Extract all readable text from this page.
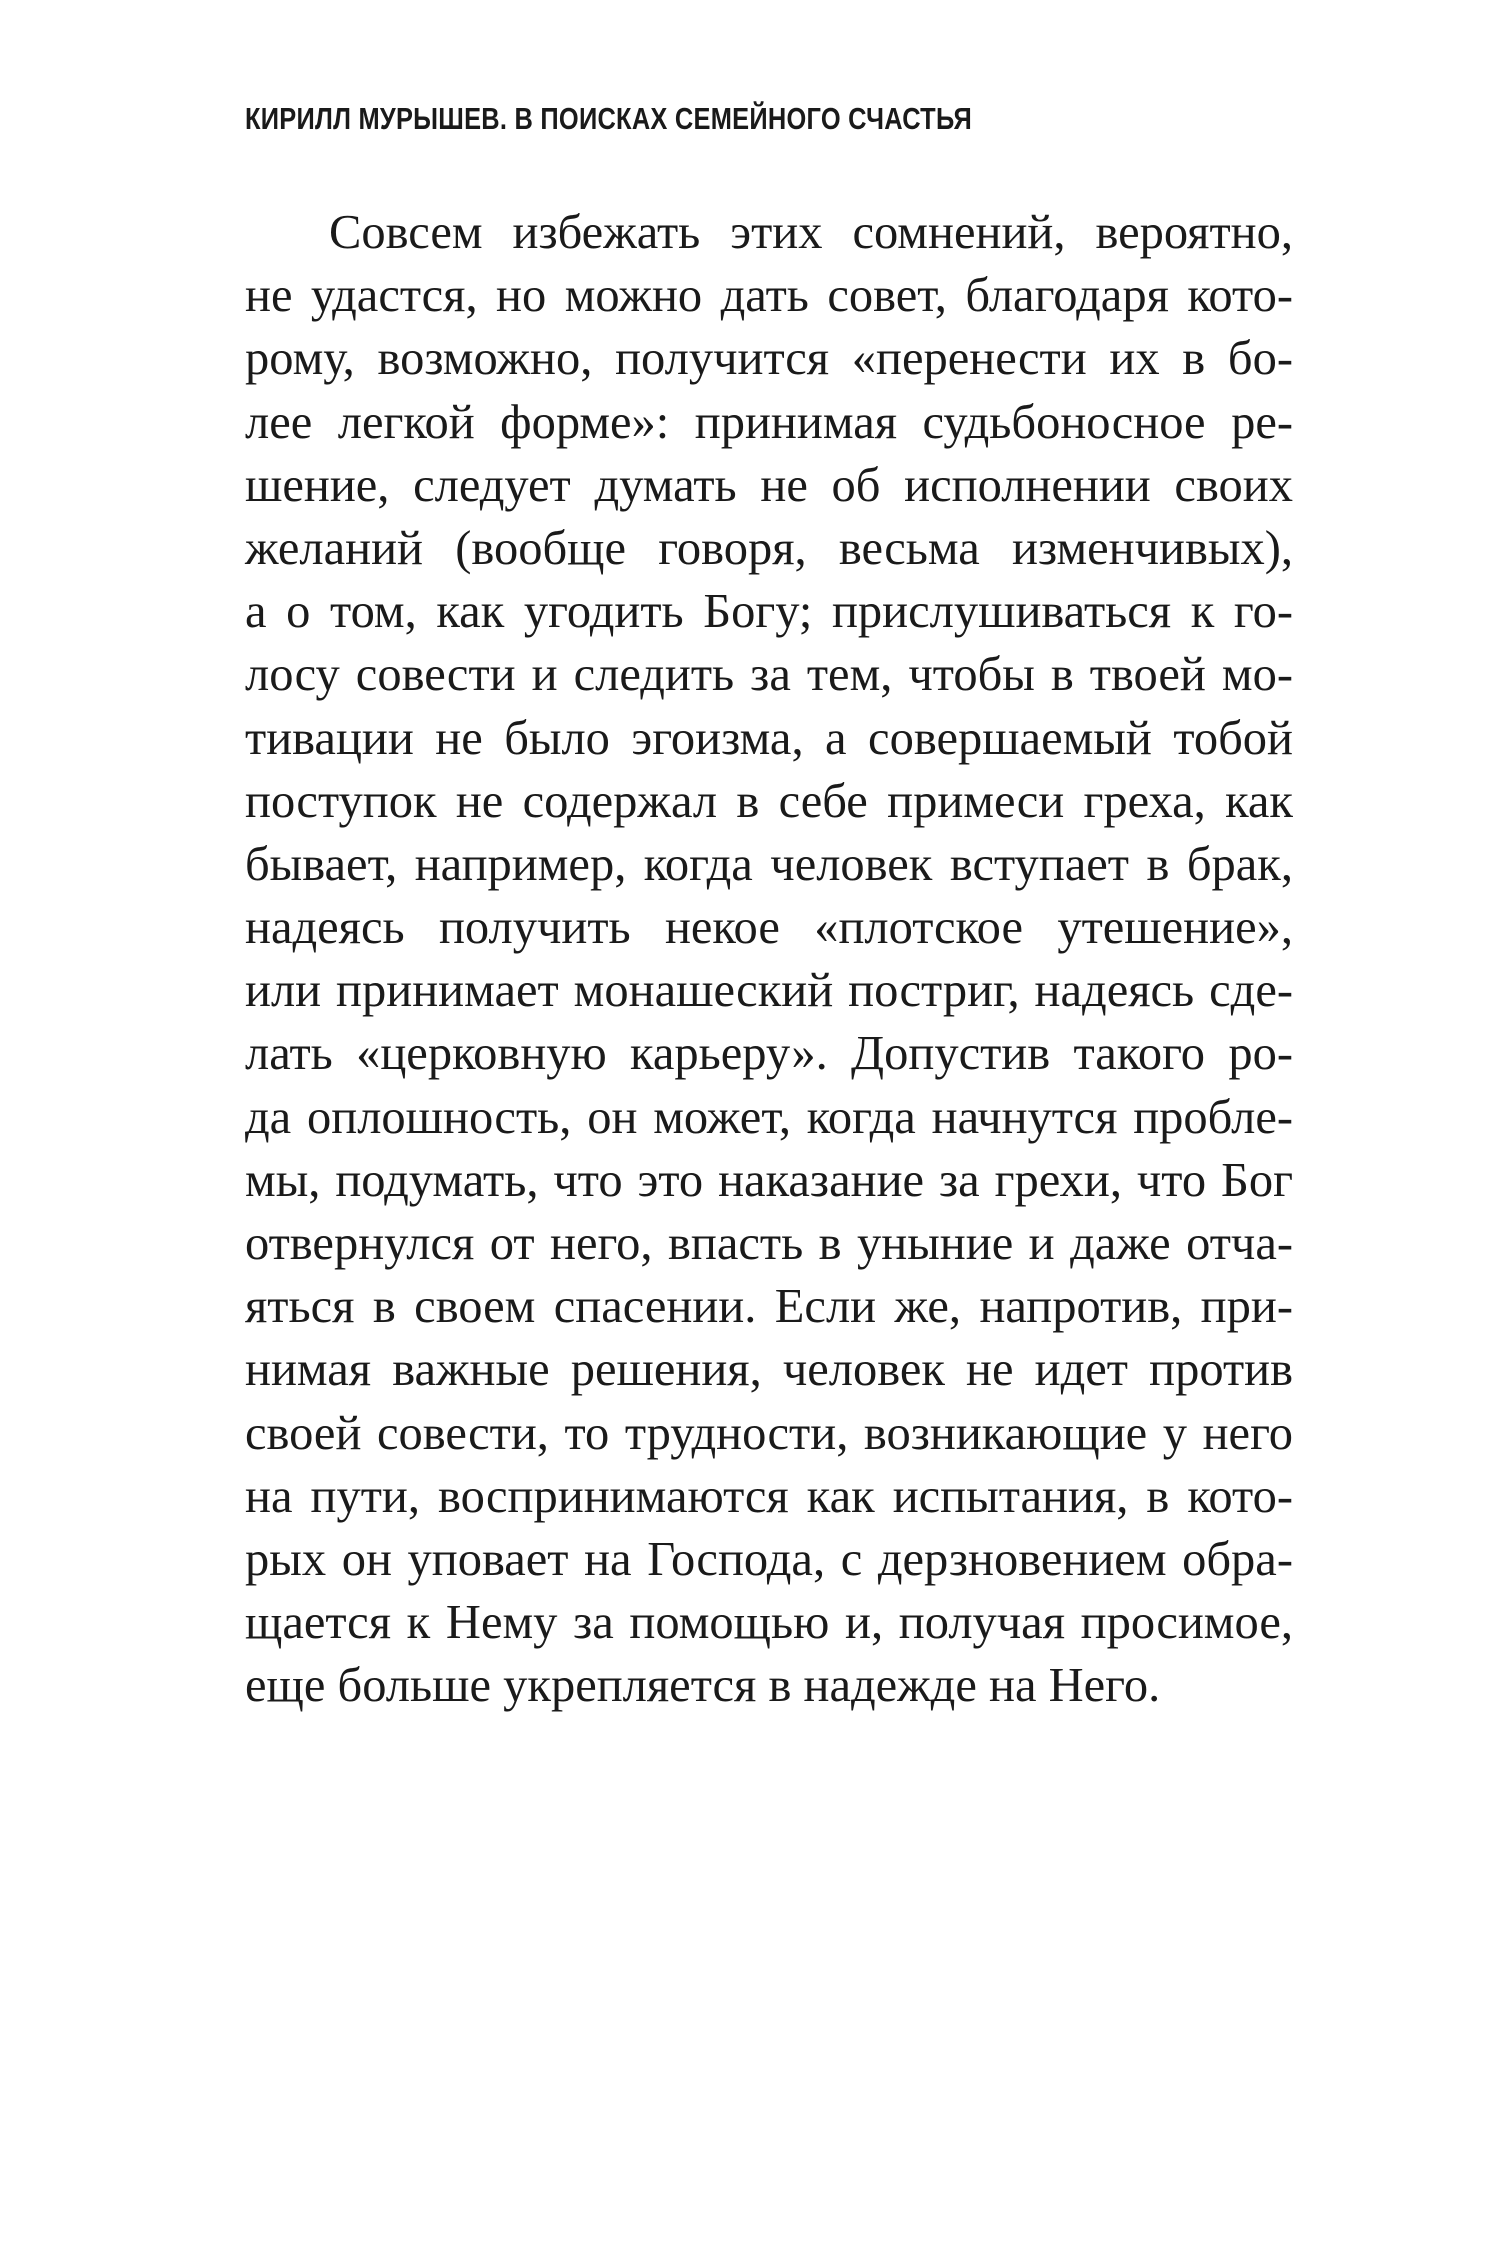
КИРИЛЛ МУРЫШЕВ. В ПОИСКАХ СЕМЕЙНОГО СЧАСТЬЯ

Совсем избежать этих сомнений, вероятно,
не удастся, но можно дать совет, благодаря кото-
рому, возможно, получится «перенести их в бо-
лее легкой форме»: принимая судьбоносное ре-
шение, следует думать не об исполнении своих
желаний (вообще говоря, весьма изменчивых),
а о том, как угодить Богу; прислушиваться к го-
лосу совести и следить за тем, чтобы в твоей мо-
тивации не было эгоизма, а совершаемый тобой
поступок не содержал в себе примеси греха, как
бывает, например, когда человек вступает в брак,
надеясь получить некое «плотское утешение»,
или принимает монашеский постриг, надеясь сде-
лать «церковную карьеру». Допустив такого ро-
да оплошность, он может, когда начнутся пробле-
мы, подумать, что это наказание за грехи, что Бог
отвернулся от него, впасть в уныние и даже отча-
яться в своем спасении. Если же, напротив, при-
нимая важные решения, человек не идет против
своей совести, то трудности, возникающие у него
на пути, воспринимаются как испытания, в кото-
рых он уповает на Господа, с дерзновением обра-
щается к Нему за помощью и, получая просимое,
еще больше укрепляется в надежде на Него.
